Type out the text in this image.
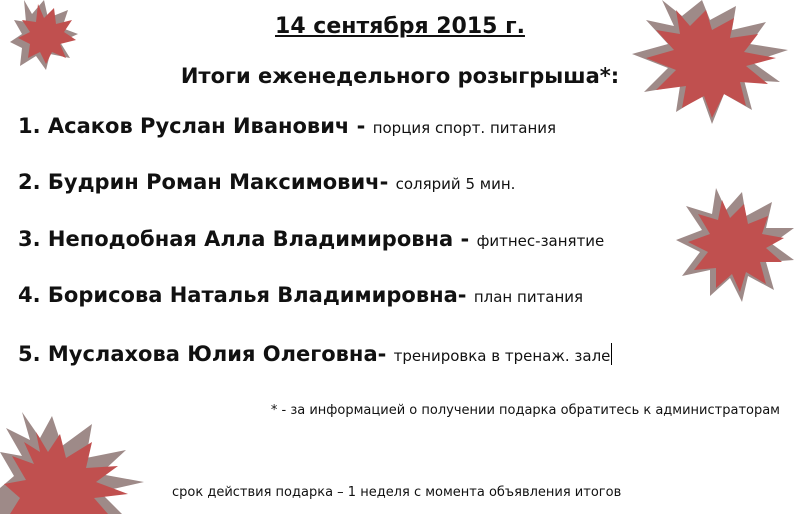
14 сентября 2015 г.
Итоги еженедельного розыгрыша*:
1. Асаков Руслан Иванович - порция спорт. питания
2. Будрин Роман Максимович- солярий 5 мин.
3. Неподобная Алла Владимировна - фитнес-занятие
4. Борисова Наталья Владимировна- план питания
5. Муслахова Юлия Олеговна- тренировка в тренаж. зале
* - за информацией о получении подарка обратитесь к администраторам
срок действия подарка – 1 неделя с момента объявления итогов
